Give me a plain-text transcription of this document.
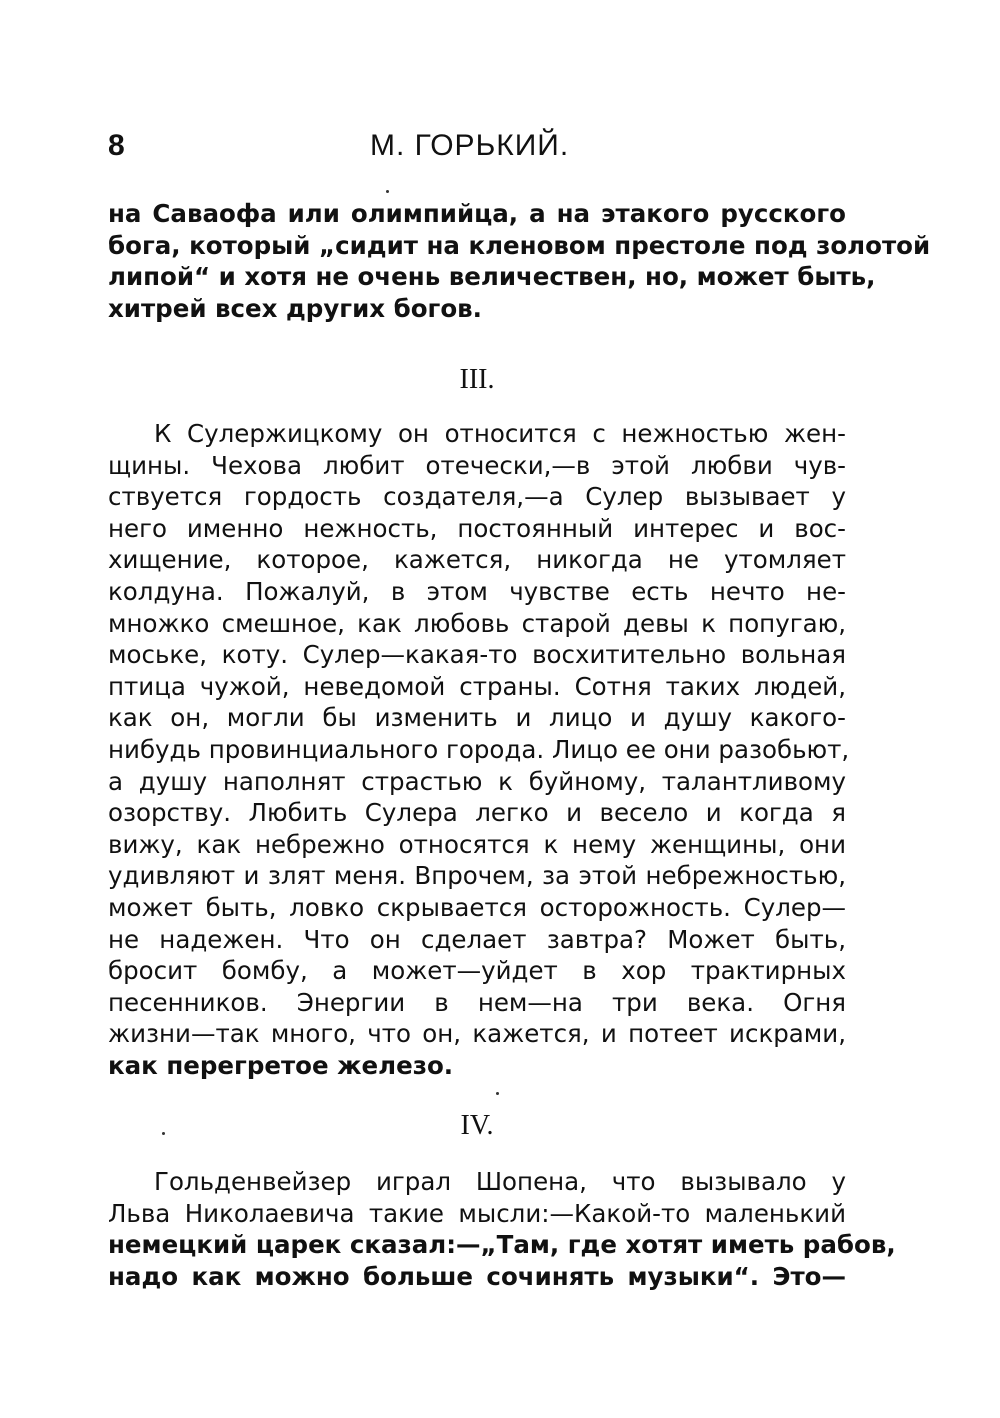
8	М. ГОРЬКИЙ.
на Саваофа или олимпийца, а на этакого русского
бога, который „сидит на кленовом престоле под золотой
липой“ и хотя не очень величествен, но, может быть,
хитрей всех других богов.
III.
К Сулержицкому он относится с нежностью жен-
щины. Чехова любит отечески,—в этой любви чув-
ствуется гордость создателя,—а Сулер вызывает у
него именно нежность, постоянный интерес и вос-
хищение, которое, кажется, никогда не утомляет
колдуна. Пожалуй, в этом чувстве есть нечто не-
множко смешное, как любовь старой девы к попугаю,
моське, коту. Сулер—какая-то восхитительно вольная
птица чужой, неведомой страны. Сотня таких людей,
как он, могли бы изменить и лицо и душу какого-
нибудь провинциального города. Лицо ее они разобьют,
а душу наполнят страстью к буйному, талантливому
озорству. Любить Сулера легко и весело и когда я
вижу, как небрежно относятся к нему женщины, они
удивляют и злят меня. Впрочем, за этой небрежностью,
может быть, ловко скрывается осторожность. Сулер—
не надежен. Что он сделает завтра? Может быть,
бросит бомбу, а может—уйдет в хор трактирных
песенников. Энергии в нем—на три века. Огня
жизни—так много, что он, кажется, и потеет искрами,
как перегретое железо.
IV.
Гольденвейзер играл Шопена, что вызывало у
Льва Николаевича такие мысли:—Какой-то маленький
немецкий царек сказал:—„Там, где хотят иметь рабов,
надо как можно больше сочинять музыки“. Это—
